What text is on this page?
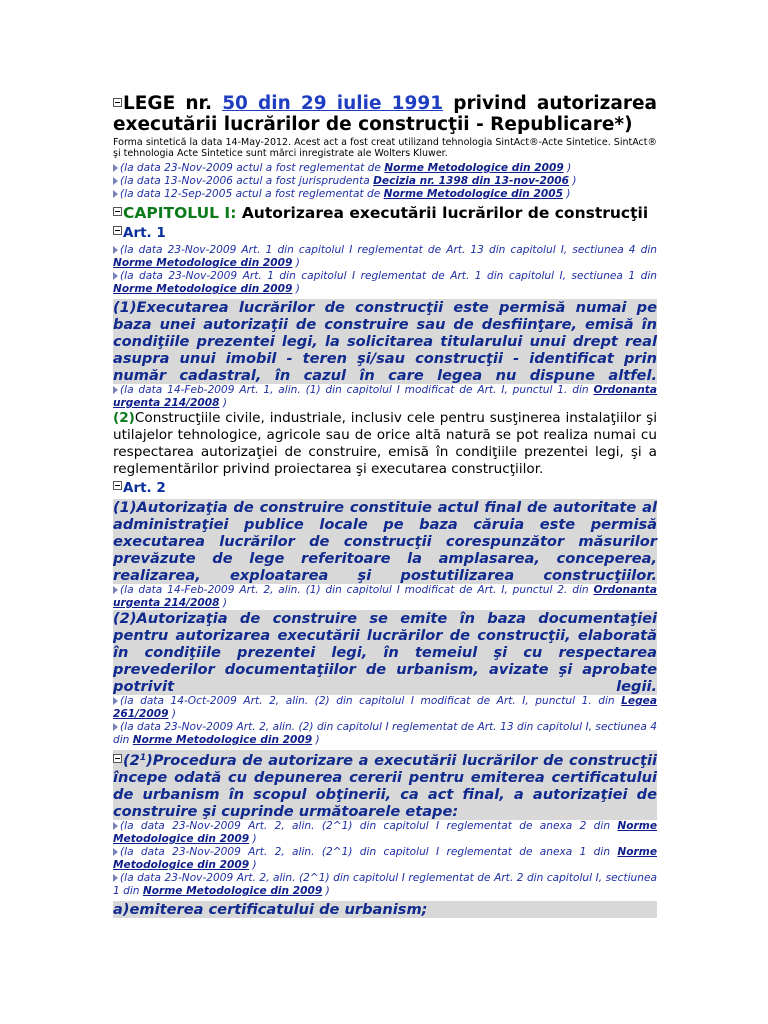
LEGE nr. 50 din 29 iulie 1991 privind autorizarea

executării lucrărilor de construcţii - Republicare*)

Forma sintetică la data 14-May-2012. Acest act a fost creat utilizand tehnologia SintAct®-Acte Sintetice. SintAct® şi tehnologia Acte Sintetice sunt mărci inregistrate ale Wolters Kluwer.

(la data 23-Nov-2009 actul a fost reglementat de Norme Metodologice din 2009 )

(la data 13-Nov-2006 actul a fost jurisprudenta Decizia nr. 1398 din 13-nov-2006 )

(la data 12-Sep-2005 actul a fost reglementat de Norme Metodologice din 2005 )

CAPITOLUL I: Autorizarea executării lucrărilor de construcţii

Art. 1

(la data 23-Nov-2009 Art. 1 din capitolul I reglementat de Art. 13 din capitolul I, sectiunea 4 din Norme Metodologice din 2009 )

(la data 23-Nov-2009 Art. 1 din capitolul I reglementat de Art. 1 din capitolul I, sectiunea 1 din Norme Metodologice din 2009 )

(1)Executarea lucrărilor de construcţii este permisă numai pe baza unei autorizaţii de construire sau de desfiinţare, emisă în condiţiile prezentei legi, la solicitarea titularului unui drept real asupra unui imobil - teren şi/sau construcţii - identificat prin număr cadastral, în cazul în care legea nu dispune altfel.

(la data 14-Feb-2009 Art. 1, alin. (1) din capitolul I modificat de Art. I, punctul 1. din Ordonanta urgenta 214/2008 )

(2)Construcţiile civile, industriale, inclusiv cele pentru susţinerea instalaţiilor şi utilajelor tehnologice, agricole sau de orice altă natură se pot realiza numai cu respectarea autorizaţiei de construire, emisă în condiţiile prezentei legi, şi a reglementărilor privind proiectarea şi executarea construcţiilor.

Art. 2

(1)Autorizaţia de construire constituie actul final de autoritate al administraţiei publice locale pe baza căruia este permisă executarea lucrărilor de construcţii corespunzător măsurilor prevăzute de lege referitoare la amplasarea, conceperea, realizarea, exploatarea şi postutilizarea construcţiilor.

(la data 14-Feb-2009 Art. 2, alin. (1) din capitolul I modificat de Art. I, punctul 2. din Ordonanta urgenta 214/2008 )

(2)Autorizaţia de construire se emite în baza documentaţiei pentru autorizarea executării lucrărilor de construcţii, elaborată în condiţiile prezentei legi, în temeiul şi cu respectarea prevederilor documentaţiilor de urbanism, avizate şi aprobate potrivit legii.

(la data 14-Oct-2009 Art. 2, alin. (2) din capitolul I modificat de Art. I, punctul 1. din Legea 261/2009 )

(la data 23-Nov-2009 Art. 2, alin. (2) din capitolul I reglementat de Art. 13 din capitolul I, sectiunea 4 din Norme Metodologice din 2009 )

$(2^1)Procedura$ de autorizare a executării lucrărilor de construcţii începe odată cu depunerea cererii pentru emiterea certificatului de urbanism în scopul obţinerii, ca act final, a autorizaţiei de construire şi cuprinde următoarele etape:

(la data 23-Nov-2009 Art. 2, alin. (2^1) din capitolul I reglementat de anexa 2 din Norme Metodologice din 2009 )

(la data 23-Nov-2009 Art. 2, alin. (2^1) din capitolul I reglementat de anexa 1 din Norme Metodologice din 2009 )

(la data 23-Nov-2009 Art. 2, alin. (2^1) din capitolul I reglementat de Art. 2 din capitolul I, sectiunea 1 din Norme Metodologice din 2009 )

a)emiterea certificatului de urbanism;
